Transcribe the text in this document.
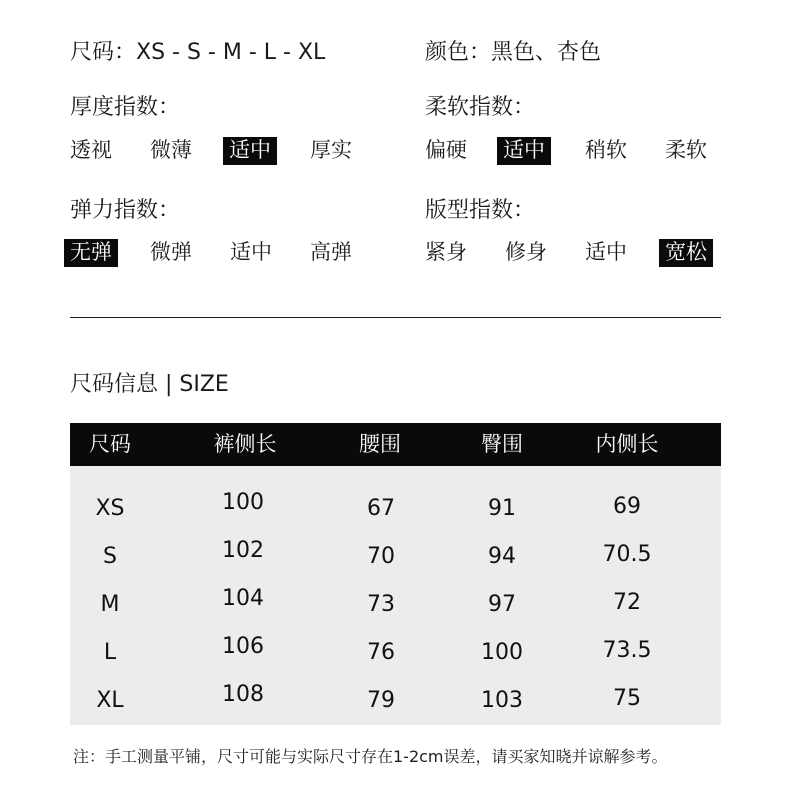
尺码：XS - S - M - L - XL	颜色：黑色、杏色
厚度指数：	柔软指数：
弹力指数：	版型指数：
透视 微薄 适中 厚实	偏硬 适中 稍软 柔软
无弹 微弹 适中 高弹	紧身 修身 适中 宽松
尺码信息 | SIZE
尺码	裤侧长	腰围	臀围	内侧长
XS	100	67	91	69
S	102	70	94	70.5
M	104	73	97	72
L	106	76	100	73.5
XL	108	79	103	75
注：手工测量平铺，尺寸可能与实际尺寸存在1-2cm误差，请买家知晓并谅解参考。
